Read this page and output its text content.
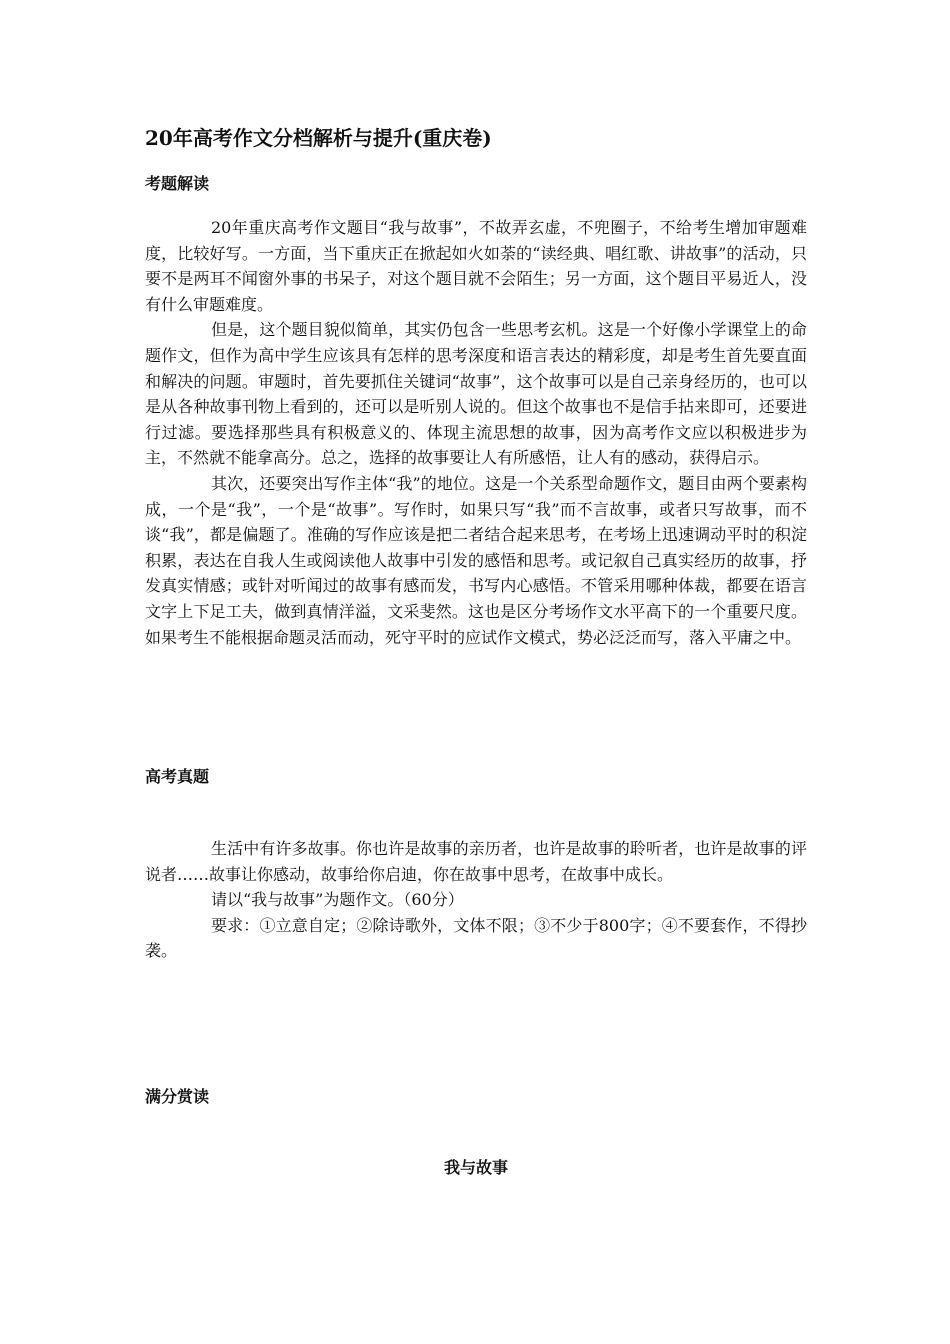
20年高考作文分档解析与提升(重庆卷)
考题解读

20年重庆高考作文题目“我与故事”，不故弄玄虚，不兜圈子，不给考生增加审题难度，比较好写。一方面，当下重庆正在掀起如火如荼的“读经典、唱红歌、讲故事”的活动，只要不是两耳不闻窗外事的书呆子，对这个题目就不会陌生；另一方面，这个题目平易近人，没有什么审题难度。

但是，这个题目貌似简单，其实仍包含一些思考玄机。这是一个好像小学课堂上的命题作文，但作为高中学生应该具有怎样的思考深度和语言表达的精彩度，却是考生首先要直面和解决的问题。审题时，首先要抓住关键词“故事”，这个故事可以是自己亲身经历的，也可以是从各种故事刊物上看到的，还可以是听别人说的。但这个故事也不是信手拈来即可，还要进行过滤。要选择那些具有积极意义的、体现主流思想的故事，因为高考作文应以积极进步为主，不然就不能拿高分。总之，选择的故事要让人有所感悟，让人有的感动，获得启示。

其次，还要突出写作主体“我”的地位。这是一个关系型命题作文，题目由两个要素构成，一个是“我”，一个是“故事”。写作时，如果只写“我”而不言故事，或者只写故事，而不谈“我”，都是偏题了。准确的写作应该是把二者结合起来思考，在考场上迅速调动平时的积淀积累，表达在自我人生或阅读他人故事中引发的感悟和思考。或记叙自己真实经历的故事，抒发真实情感；或针对听闻过的故事有感而发，书写内心感悟。不管采用哪种体裁，都要在语言文字上下足工夫，做到真情洋溢，文采斐然。这也是区分考场作文水平高下的一个重要尺度。如果考生不能根据命题灵活而动，死守平时的应试作文模式，势必泛泛而写，落入平庸之中。

高考真题

生活中有许多故事。你也许是故事的亲历者，也许是故事的聆听者，也许是故事的评说者……故事让你感动，故事给你启迪，你在故事中思考，在故事中成长。

请以“我与故事”为题作文。（60分）

要求：①立意自定；②除诗歌外，文体不限；③不少于800字；④不要套作，不得抄袭。

满分赏读
我与故事
